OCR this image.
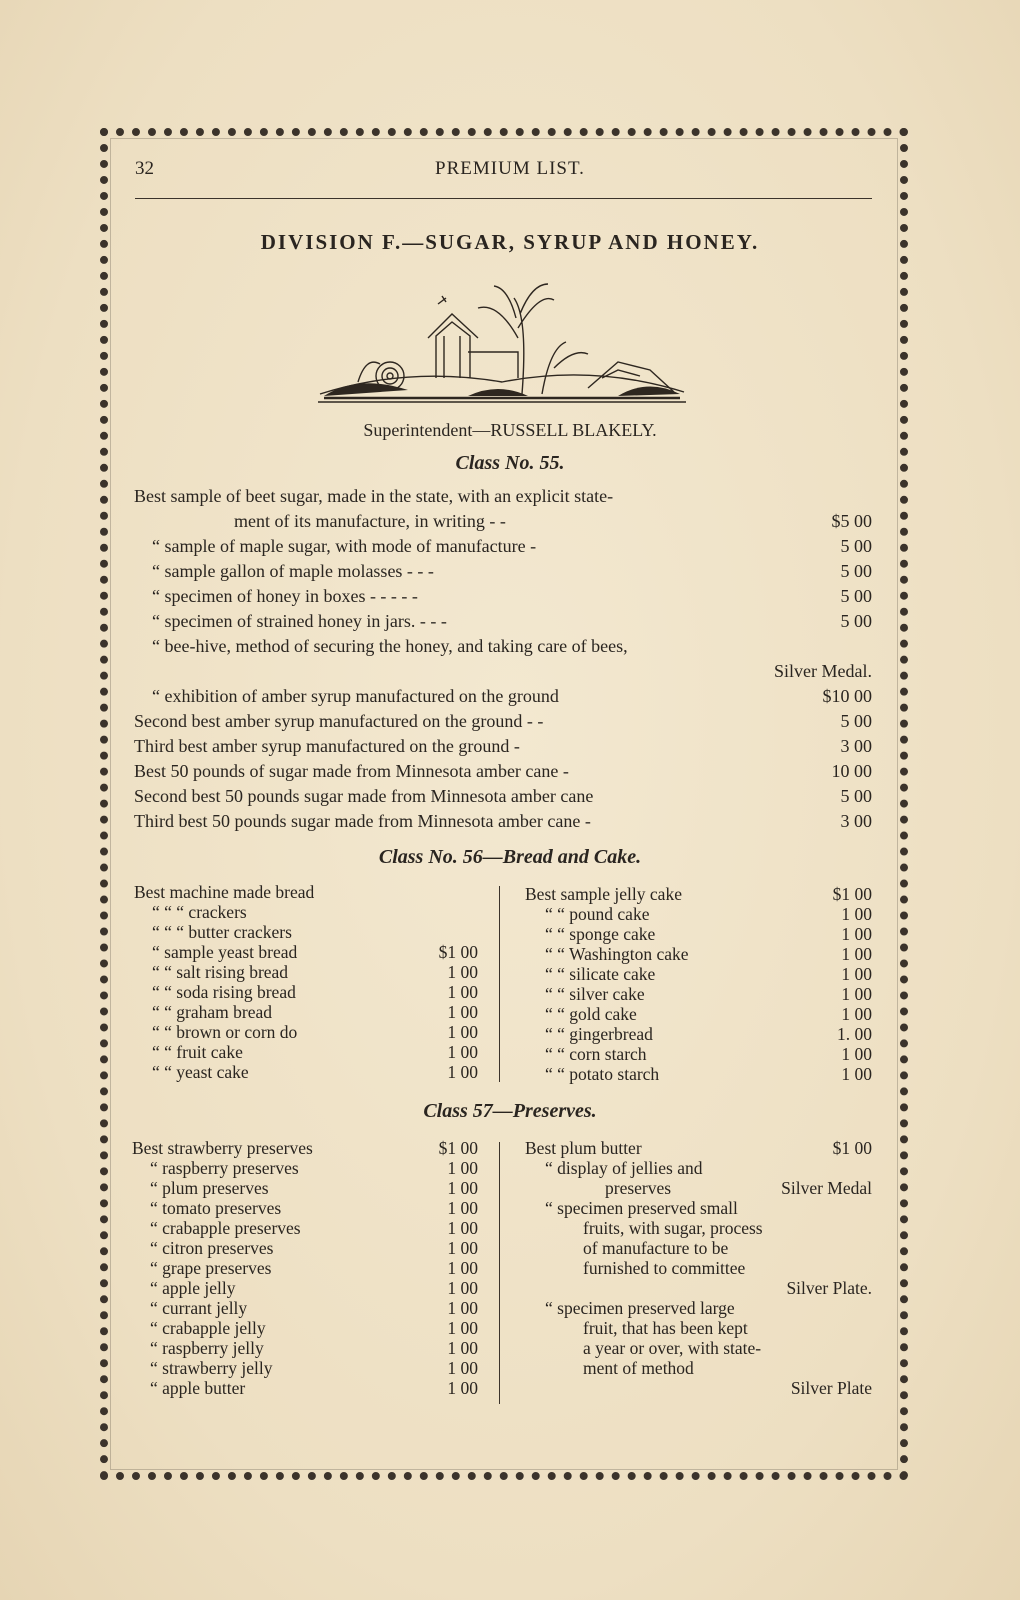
32	PREMIUM LIST.
DIVISION F.—SUGAR, SYRUP AND HONEY.
Superintendent—RUSSELL BLAKELY.
Class No. 55.
Best sample of beet sugar, made in the state, with an explicit state-
ment of its manufacture, in writing - -	$5 00
“ sample of maple sugar, with mode of manufacture -	5 00
“ sample gallon of maple molasses - - -	5 00
“ specimen of honey in boxes - - - - -	5 00
“ specimen of strained honey in jars. - - -	5 00
“ bee-hive, method of securing the honey, and taking care of bees,
Silver Medal.
“ exhibition of amber syrup manufactured on the ground	$10 00
Second best amber syrup manufactured on the ground - -	5 00
Third best amber syrup manufactured on the ground -	3 00
Best 50 pounds of sugar made from Minnesota amber cane -	10 00
Second best 50 pounds sugar made from Minnesota amber cane	5 00
Third best 50 pounds sugar made from Minnesota amber cane -	3 00
Class No. 56—Bread and Cake.
Best machine made bread
“ “ “ crackers
“ “ “ butter crackers
“ sample yeast bread	$1 00
“ “ salt rising bread	1 00
“ “ soda rising bread	1 00
“ “ graham bread	1 00
“ “ brown or corn do	1 00
“ “ fruit cake	1 00
“ “ yeast cake	1 00
Best sample jelly cake	$1 00
“ “ pound cake	1 00
“ “ sponge cake	1 00
“ “ Washington cake	1 00
“ “ silicate cake	1 00
“ “ silver cake	1 00
“ “ gold cake	1 00
“ “ gingerbread	1. 00
“ “ corn starch	1 00
“ “ potato starch	1 00
Class 57—Preserves.
Best strawberry preserves	$1 00
“ raspberry preserves	1 00
“ plum preserves	1 00
“ tomato preserves	1 00
“ crabapple preserves	1 00
“ citron preserves	1 00
“ grape preserves	1 00
“ apple jelly	1 00
“ currant jelly	1 00
“ crabapple jelly	1 00
“ raspberry jelly	1 00
“ strawberry jelly	1 00
“ apple butter	1 00
Best plum butter	$1 00
“ display of jellies and
preserves	Silver Medal
“ specimen preserved small
fruits, with sugar, process
of manufacture to be
furnished to committee
Silver Plate.
“ specimen preserved large
fruit, that has been kept
a year or over, with state-
ment of method
Silver Plate
